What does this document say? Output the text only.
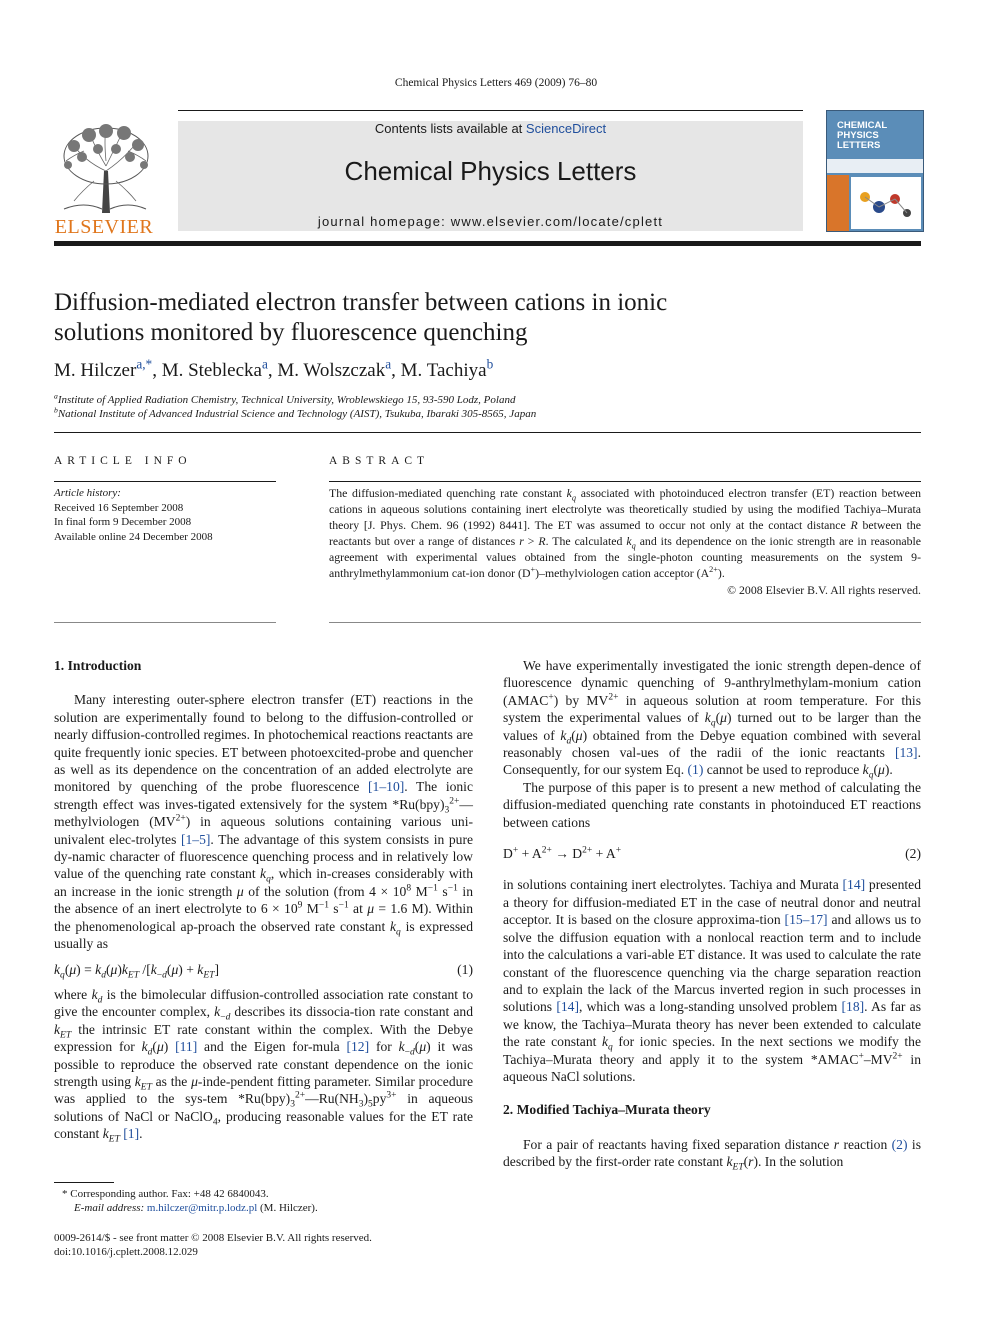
Chemical Physics Letters 469 (2009) 76–80
ELSEVIER
Contents lists available at ScienceDirect
Chemical Physics Letters
journal homepage: www.elsevier.com/locate/cplett
CHEMICAL PHYSICS LETTERS
Diffusion-mediated electron transfer between cations in ionic
solutions monitored by fluorescence quenching
M. Hilczer$^{a,*}$, M. Steblecka$^a$, M. Wolszczak$^a$, M. Tachiya$^b$
$^a$Institute of Applied Radiation Chemistry, Technical University, Wroblewskiego 15, 93-590 Lodz, Poland
$^b$National Institute of Advanced Industrial Science and Technology (AIST), Tsukuba, Ibaraki 305-8565, Japan
ARTICLE INFO
Article history:
Received 16 September 2008
In final form 9 December 2008
Available online 24 December 2008
ABSTRACT
The diffusion-mediated quenching rate constant $k_q$ associated with photoinduced electron transfer (ET) reaction between cations in aqueous solutions containing inert electrolyte was theoretically studied by using the modified Tachiya–Murata theory [J. Phys. Chem. 96 (1992) 8441]. The ET was assumed to occur not only at the contact distance R between the reactants but over a range of distances r > R. The calculated $k_q$ and its dependence on the ionic strength are in reasonable agreement with experimental values obtained from the single-photon counting measurements on the system 9-anthrylmethylammonium cat-ion donor (D+)–methylviologen cation acceptor $(A^{2+})$.
© 2008 Elsevier B.V. All rights reserved.
1. Introduction

Many interesting outer-sphere electron transfer (ET) reactions in the solution are experimentally found to belong to the diffusion-controlled or nearly diffusion-controlled regimes. In photochemical reactions reactants are quite frequently ionic species. ET between photoexcited-probe and quencher as well as its dependence on the concentration of an added electrolyte are monitored by quenching of the probe fluorescence [1–10]. The ionic strength effect was inves-tigated extensively for the system $*Ru(bpy)_3^{2+}—methylviologen$ $(MV^{2+})$ in aqueous solutions containing various uni-univalent elec-trolytes [1–5]. The advantage of this system consists in pure dy-namic character of fluorescence quenching process and in relatively low value of the quenching rate constant $k_q$, which in-creases considerably with an increase in the ionic strength μ of the solution (from $4 \times 10^8$ $M^{-1}$ $s^{-1}$ in the absence of an inert electrolyte to $6 \times 10^9$ $M^{-1}$ $s^{-1}$ at μ = 1.6 M). Within the phenomenological ap-proach the observed rate constant $k_q$ is expressed usually as

$k_q(\mu) = k_d(\mu)k_{ET}$ $/[k_{-d}(\mu) + k_{ET}]$	(1)

where $k_d$ is the bimolecular diffusion-controlled association rate constant to give the encounter complex, $k_{-d}$ describes its dissocia-tion rate constant and $k_{ET}$ the intrinsic ET rate constant within the complex. With the Debye expression for $k_d(\mu)$ [11] and the Eigen for-mula [12] for $k_{-d}(\mu)$ it was possible to reproduce the observed rate constant dependence on the ionic strength using $k_{ET}$ as the μ-inde-pendent fitting parameter. Similar procedure was applied to the sys-tem $*Ru(bpy)_3^{2+}—Ru(NH_3)_5py^{3+}$ in aqueous solutions of NaCl or NaClO$_4$, producing reasonable values for the ET rate constant $k_{ET}$ [1].

We have experimentally investigated the ionic strength depen-dence of fluorescence dynamic quenching of 9-anthrylmethylam-monium cation (AMAC+) by $MV^{2+}$ in aqueous solution at room temperature. For this system the experimental values of $k_q(\mu)$ turned out to be larger than the values of $k_d(\mu)$ obtained from the Debye equation combined with several reasonably chosen val-ues of the radii of the ionic reactants [13]. Consequently, for our system Eq. (1) cannot be used to reproduce $k_q(\mu)$.

The purpose of this paper is to present a new method of calculating the diffusion-mediated quenching rate constants in photoinduced ET reactions between cations

$D^+ + A^{2+} \to D^{2+} + A^+$	(2)

in solutions containing inert electrolytes. Tachiya and Murata [14] presented a theory for diffusion-mediated ET in the case of neutral donor and neutral acceptor. It is based on the closure approxima-tion [15–17] and allows us to solve the diffusion equation with a nonlocal reaction term and to include into the calculations a vari-able ET distance. It was used to calculate the rate constant of the fluorescence quenching via the charge separation reaction and to explain the lack of the Marcus inverted region in such processes in solutions [14], which was a long-standing unsolved problem [18]. As far as we know, the Tachiya–Murata theory has never been extended to calculate the rate constant $k_q$ for ionic species. In the next sections we modify the Tachiya–Murata theory and apply it to the system $*AMAC^+-MV^{2+}$ in aqueous NaCl solutions.

2. Modified Tachiya–Murata theory

For a pair of reactants having fixed separation distance r reaction (2) is described by the first-order rate constant $k_{ET}(r)$. In the solution

* Corresponding author. Fax: +48 42 6840043.
E-mail address: m.hilczer@mitr.p.lodz.pl (M. Hilczer).
0009-2614/$ - see front matter © 2008 Elsevier B.V. All rights reserved.
doi:10.1016/j.cplett.2008.12.029
